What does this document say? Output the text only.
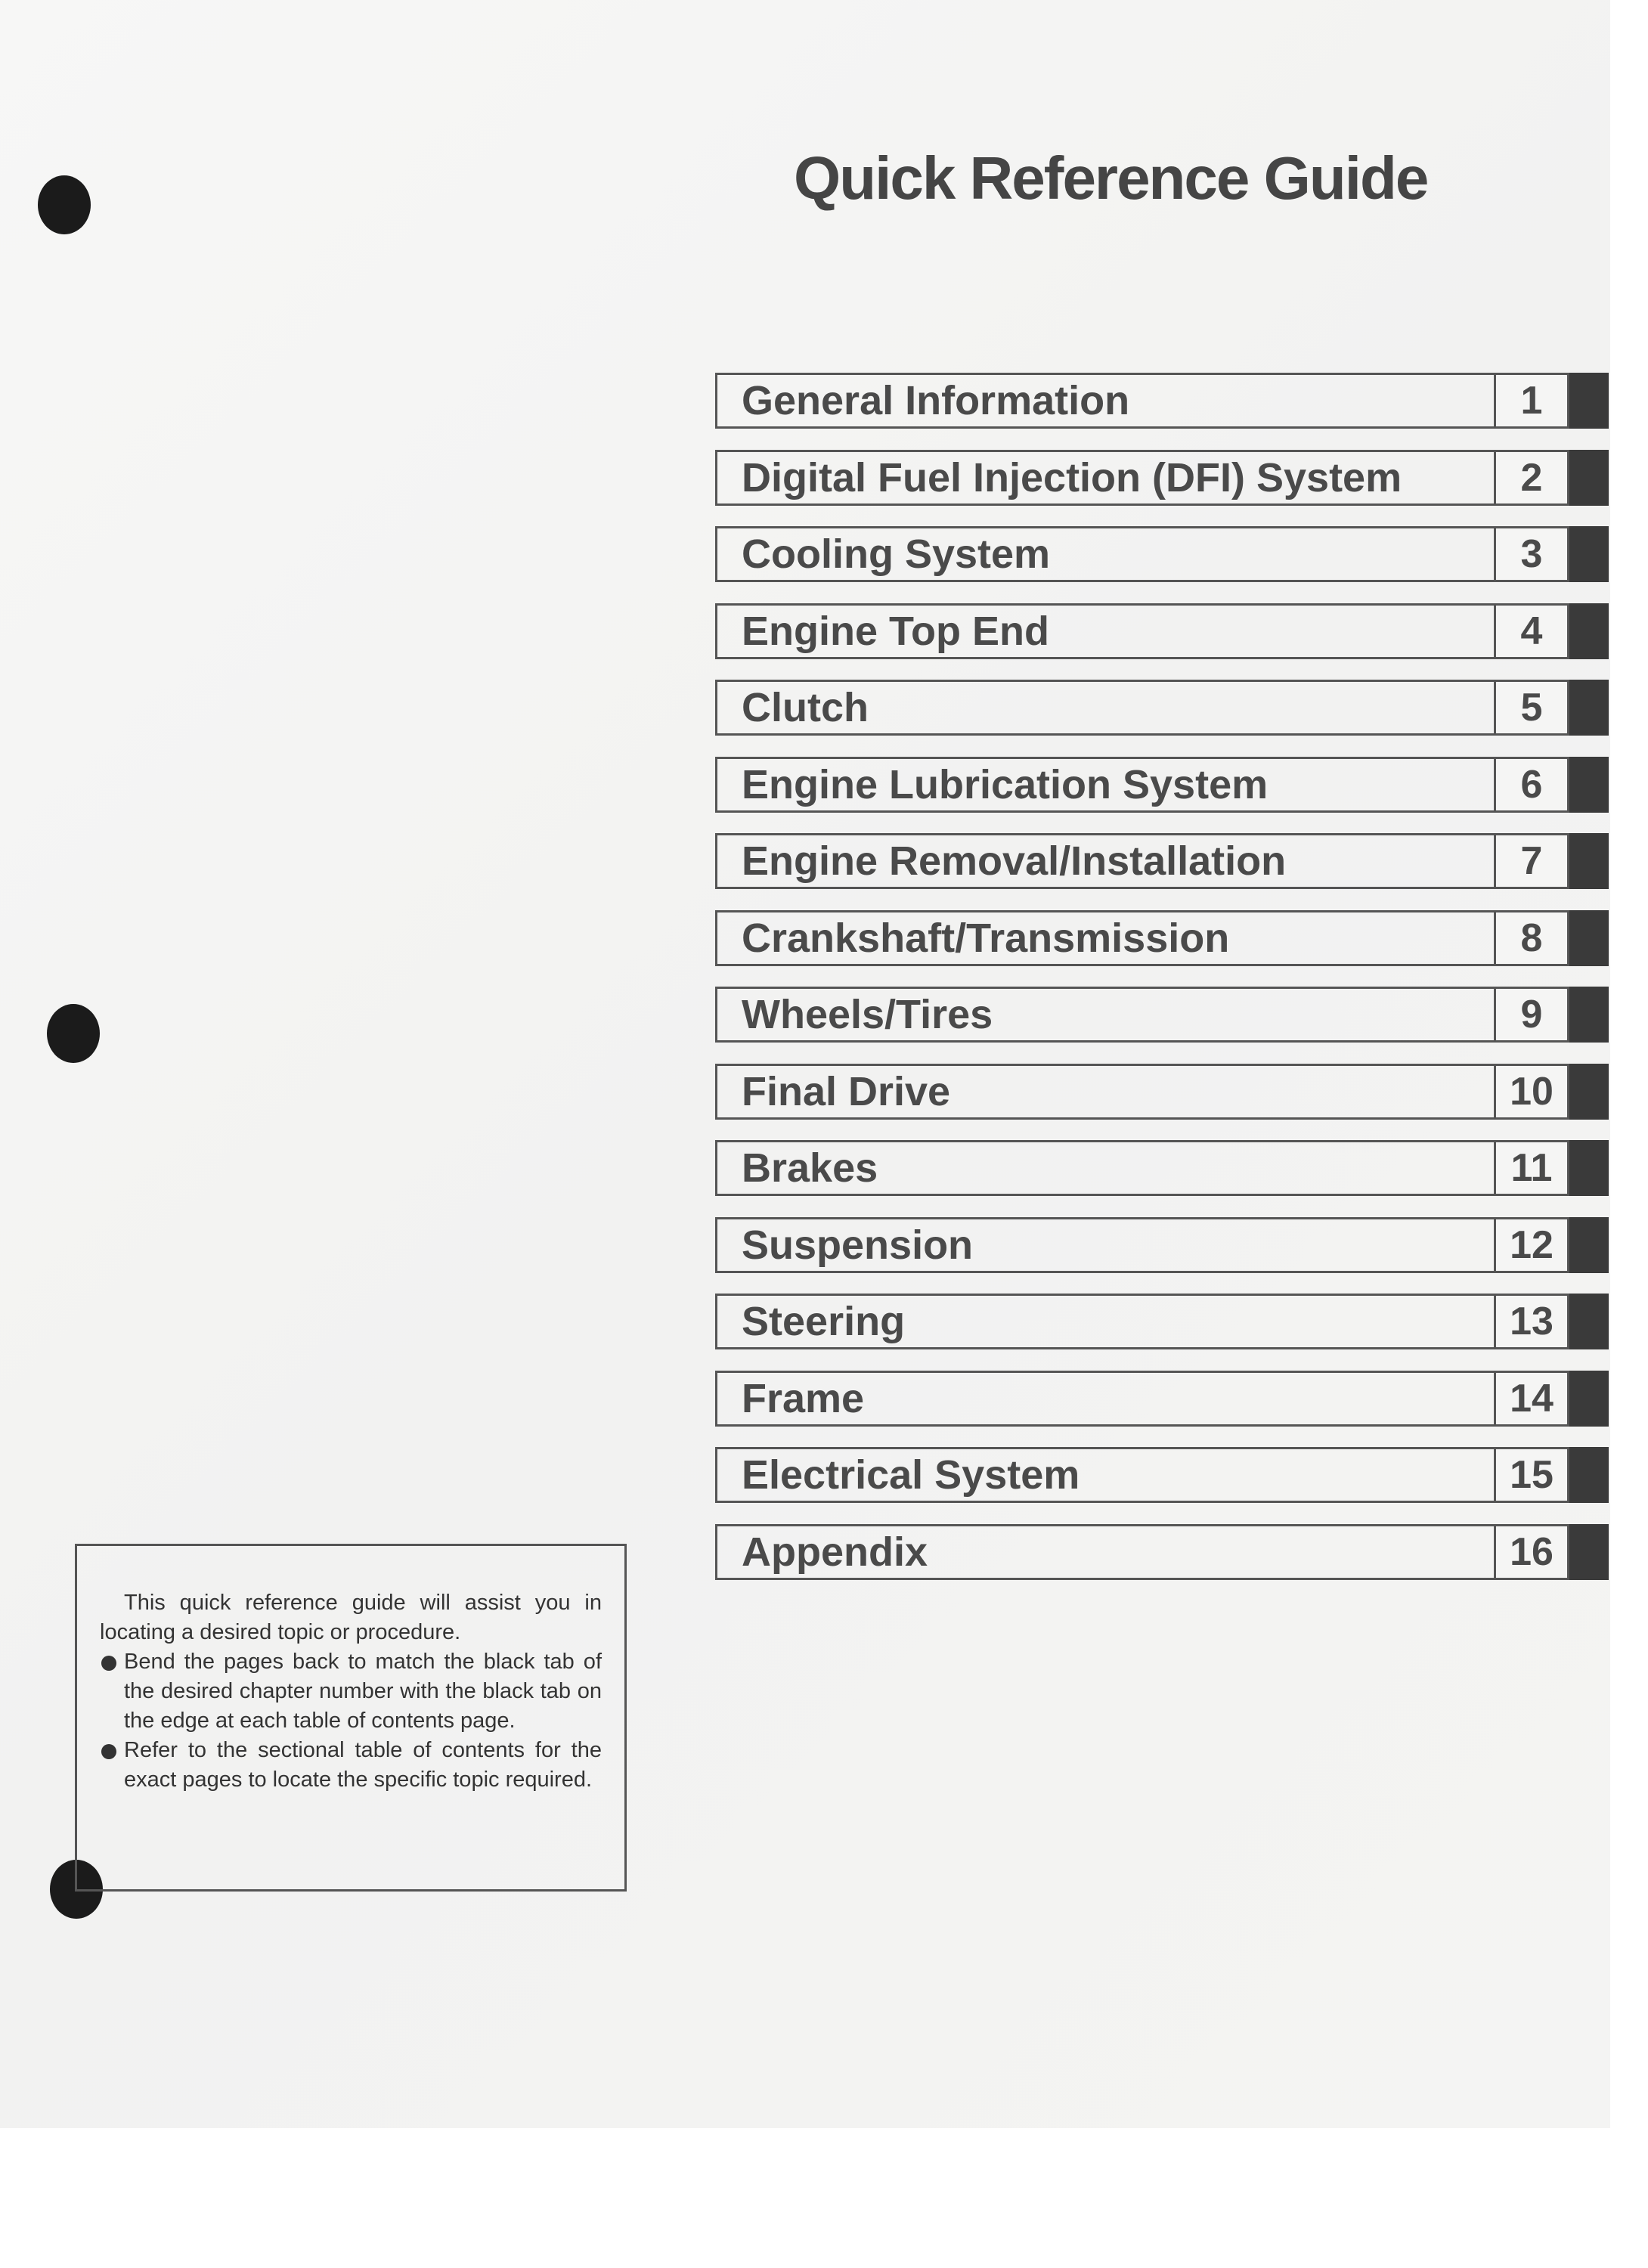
Quick Reference Guide
General Information	1
Digital Fuel Injection (DFI) System	2
Cooling System	3
Engine Top End	4
Clutch	5
Engine Lubrication System	6
Engine Removal/Installation	7
Crankshaft/Transmission	8
Wheels/Tires	9
Final Drive	10
Brakes	11
Suspension	12
Steering	13
Frame	14
Electrical System	15
Appendix	16

This quick reference guide will assist you in locating a desired topic or procedure.

Bend the pages back to match the black tab of the desired chapter number with the black tab on the edge at each table of contents page.

Refer to the sectional table of contents for the exact pages to locate the specific topic required.
